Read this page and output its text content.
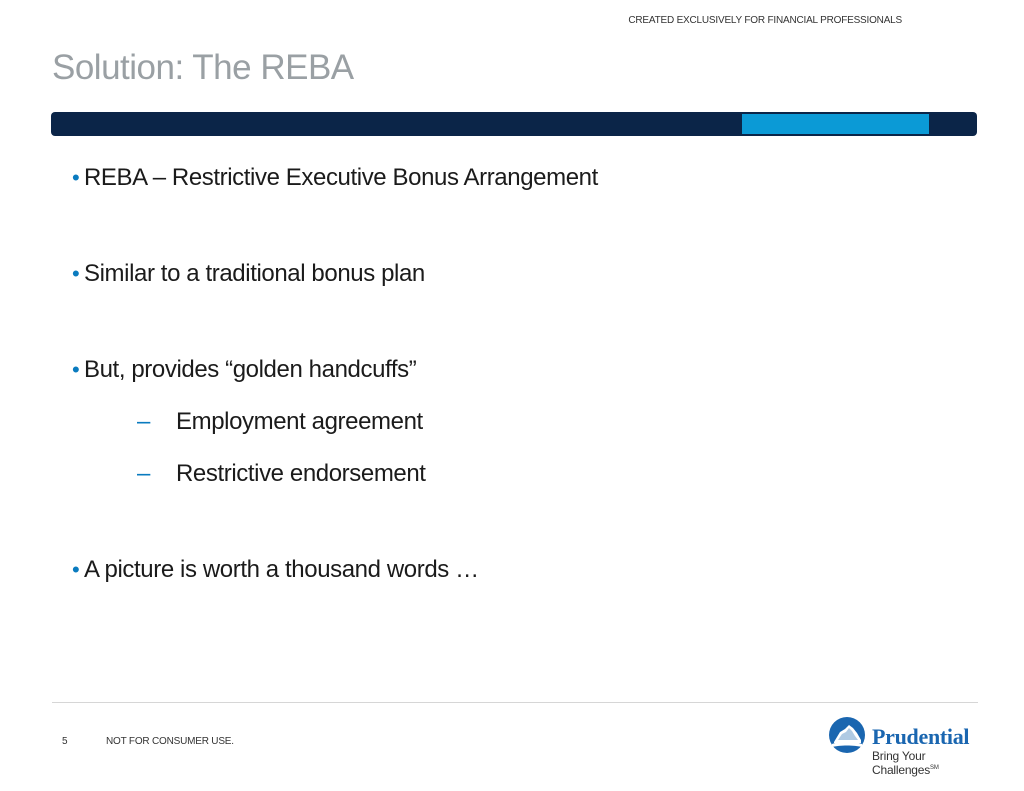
CREATED EXCLUSIVELY FOR FINANCIAL PROFESSIONALS
Solution: The REBA
• REBA – Restrictive Executive Bonus Arrangement
• Similar to a traditional bonus plan
• But, provides “golden handcuffs”
– Employment agreement
– Restrictive endorsement
• A picture is worth a thousand words …
5	NOT FOR CONSUMER USE.	Prudential
Bring Your Challenges℠
